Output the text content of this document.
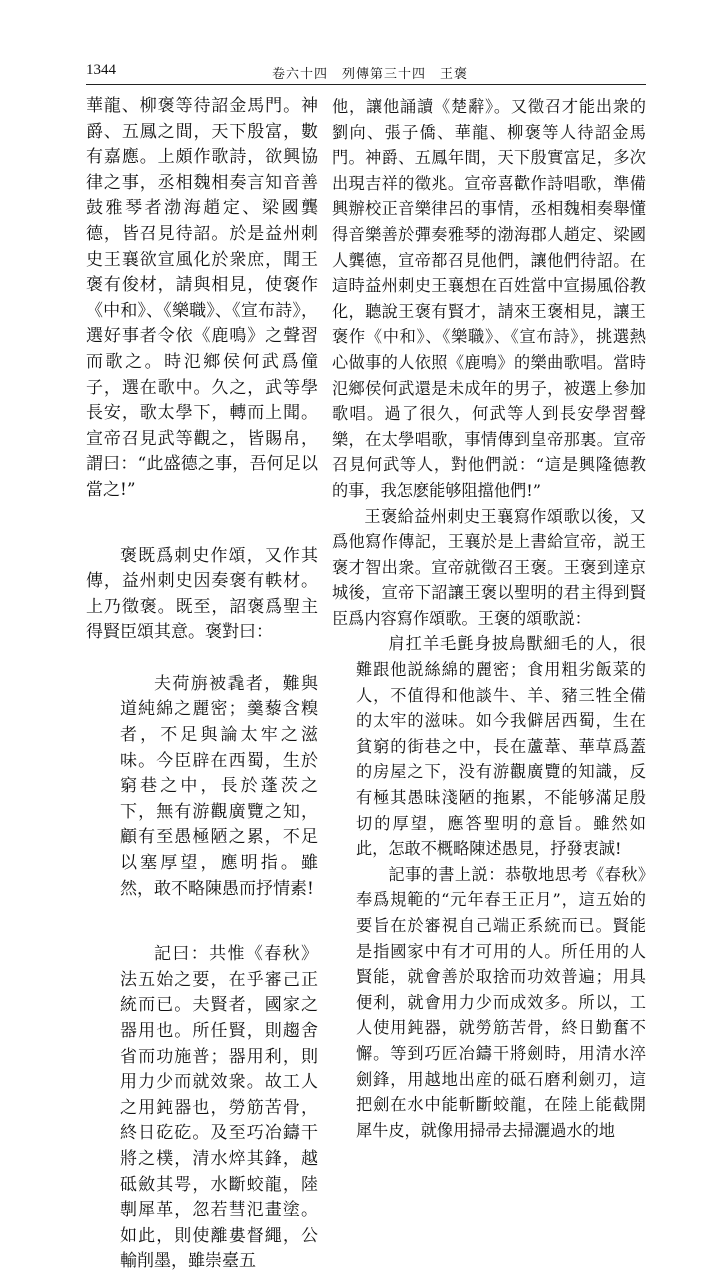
1344	卷六十四　列傳第三十四　王褒

華龍、柳褒等待詔金馬門。神爵、五鳳之間，天下殷富，數有嘉應。上頗作歌詩，欲興協律之事，丞相魏相奏言知音善鼓雅琴者渤海趙定、梁國龔德，皆召見待詔。於是益州刺史王襄欲宣風化於衆庶，聞王褒有俊材，請與相見，使褒作《中和》、《樂職》、《宣布詩》，選好事者令依《鹿鳴》之聲習而歌之。時氾鄉侯何武爲僮子，選在歌中。久之，武等學長安，歌太學下，轉而上聞。宣帝召見武等觀之，皆賜帛，謂曰：“此盛德之事，吾何足以當之!”

褒既爲刺史作頌，又作其傳，益州刺史因奏褒有軼材。上乃徵褒。既至，詔褒爲聖主得賢臣頌其意。褒對曰：

夫荷旃被毳者，難與道純綿之麗密；羹藜含糗者，不足與論太牢之滋味。今臣辟在西蜀，生於窮巷之中，長於蓬茨之下，無有游觀廣覽之知，顧有至愚極陋之累，不足以塞厚望，應明指。雖然，敢不略陳愚而抒情素!

記曰：共惟《春秋》法五始之要，在乎審己正統而已。夫賢者，國家之器用也。所任賢，則趨舍省而功施普；器用利，則用力少而就效衆。故工人之用鈍器也，勞筋苦骨，終日矻矻。及至巧冶鑄干將之樸，清水焠其鋒，越砥斂其咢，水斷蛟龍，陸剸犀革，忽若彗氾畫塗。如此，則使離婁督繩，公輸削墨，雖崇臺五

他，讓他誦讀《楚辭》。又徵召才能出衆的劉向、張子僑、華龍、柳褒等人待詔金馬門。神爵、五鳳年間，天下殷實富足，多次出現吉祥的徵兆。宣帝喜歡作詩唱歌，準備興辦校正音樂律呂的事情，丞相魏相奏舉懂得音樂善於彈奏雅琴的渤海郡人趙定、梁國人龔德，宣帝都召見他們，讓他們待詔。在這時益州刺史王襄想在百姓當中宣揚風俗教化，聽說王褒有賢才，請來王褒相見，讓王褒作《中和》、《樂職》、《宣布詩》，挑選熱心做事的人依照《鹿鳴》的樂曲歌唱。當時氾鄉侯何武還是未成年的男子，被選上參加歌唱。過了很久，何武等人到長安學習聲樂，在太學唱歌，事情傳到皇帝那裏。宣帝召見何武等人，對他們説：“這是興隆德教的事，我怎麽能够阻擋他們!”

王褒給益州刺史王襄寫作頌歌以後，又爲他寫作傳記，王襄於是上書給宣帝，説王褒才智出衆。宣帝就徵召王褒。王褒到達京城後，宣帝下詔讓王褒以聖明的君主得到賢臣爲内容寫作頌歌。王褒的頌歌説：

肩扛羊毛氈身披鳥獸細毛的人，很難跟他説絲綿的麗密；食用粗劣飯菜的人，不值得和他談牛、羊、豬三牲全備的太牢的滋味。如今我僻居西蜀，生在貧窮的街巷之中，長在蘆葦、華草爲蓋的房屋之下，没有游觀廣覽的知識，反有極其愚昧淺陋的拖累，不能够滿足殷切的厚望，應答聖明的意旨。雖然如此，怎敢不概略陳述愚見，抒發衷誠!

記事的書上説：恭敬地思考《春秋》奉爲規範的“元年春王正月”，這五始的要旨在於審視自己端正系統而已。賢能是指國家中有才可用的人。所任用的人賢能，就會善於取捨而功效普遍；用具便利，就會用力少而成效多。所以，工人使用鈍器，就勞筋苦骨，終日勤奮不懈。等到巧匠冶鑄干將劍時，用清水淬劍鋒，用越地出産的砥石磨利劍刃，這把劍在水中能斬斷蛟龍，在陸上能截開犀牛皮，就像用掃帚去掃灑過水的地
